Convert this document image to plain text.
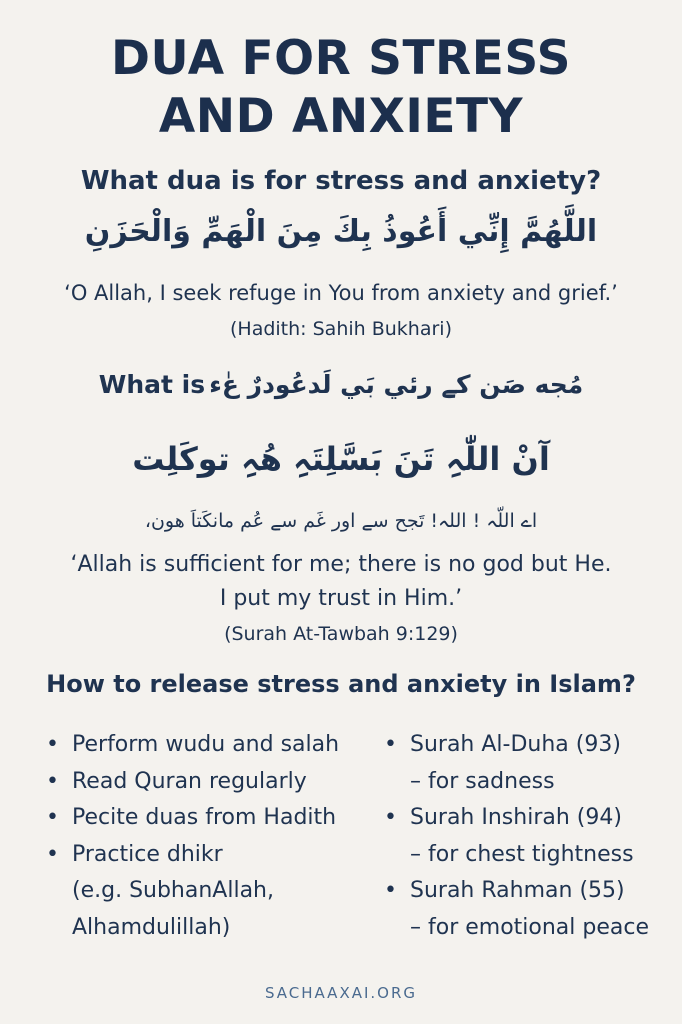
DUA FOR STRESS
AND ANXIETY
What dua is for stress and anxiety?
اللَّهُمَّ إِنِّي أَعُوذُ بِكَ مِنَ الْهَمِّ وَالْحَزَنِ
‘O Allah, I seek refuge in You from anxiety and grief.’
(Hadith: Sahih Bukhari)
What is مُجه صَن کے رئي بَي لَدعُودرٌ عٰء
آنْ اللّٰہِ تَنَ بَسَّلِتَہِ ھُہِ توکَلِت
اے اللّہ ! اللہ! تَجح سے اور غَم سے عُم مانکَتاَ هون،
‘Allah is sufficient for me; there is no god but He.
I put my trust in Him.’
(Surah At-Tawbah 9:129)
How to release stress and anxiety in Islam?
• Perform wudu and salah
• Read Quran regularly
• Pecite duas from Hadith
• Practice dhikr
(e.g. SubhanAllah,
Alhamdulillah)
• Surah Al-Duha (93)
– for sadness
• Surah Inshirah (94)
– for chest tightness
• Surah Rahman (55)
– for emotional peace
SACHAAXAI.ORG
